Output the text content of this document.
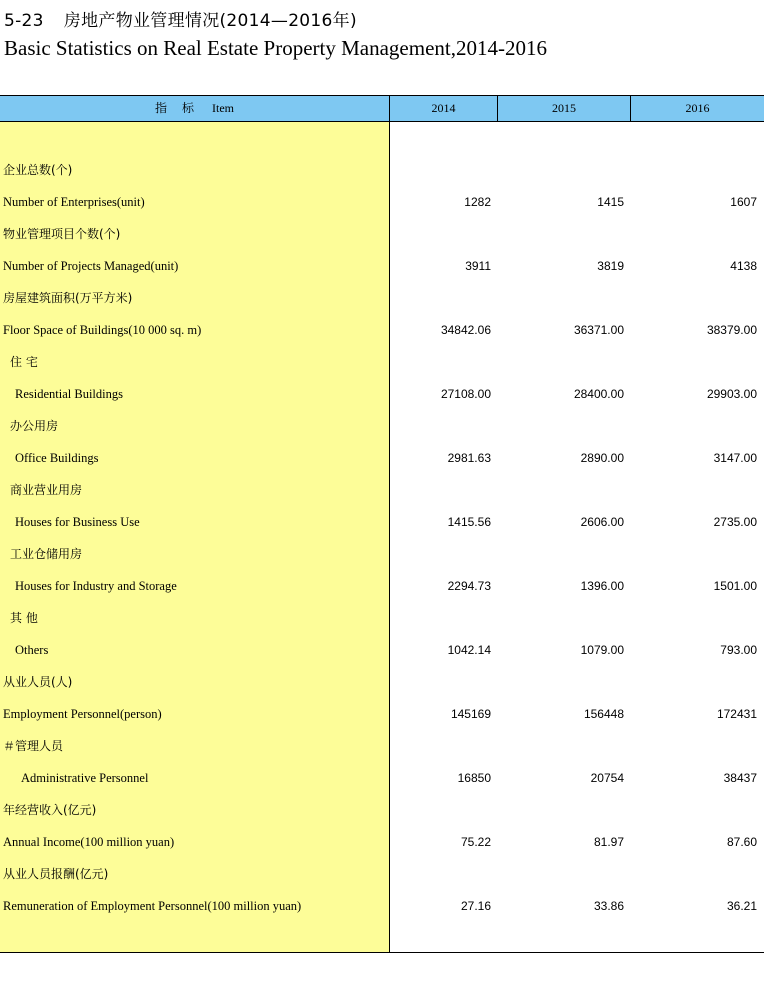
5-23 房地产物业管理情况(2014—2016年)
Basic Statistics on Real Estate Property Management,2014-2016
指 标 Item	2014	2015	2016
企业总数(个)
Number of Enterprises(unit)	1282	1415	1607
物业管理项目个数(个)
Number of Projects Managed(unit)	3911	3819	4138
房屋建筑面积(万平方米)
Floor Space of Buildings(10 000 sq. m)	34842.06	36371.00	38379.00
住 宅
Residential Buildings	27108.00	28400.00	29903.00
办公用房
Office Buildings	2981.63	2890.00	3147.00
商业营业用房
Houses for Business Use	1415.56	2606.00	2735.00
工业仓储用房
Houses for Industry and Storage	2294.73	1396.00	1501.00
其 他
Others	1042.14	1079.00	793.00
从业人员(人)
Employment Personnel(person)	145169	156448	172431
＃管理人员
Administrative Personnel	16850	20754	38437
年经营收入(亿元)
Annual Income(100 million yuan)	75.22	81.97	87.60
从业人员报酬(亿元)
Remuneration of Employment Personnel(100 million yuan)	27.16	33.86	36.21
